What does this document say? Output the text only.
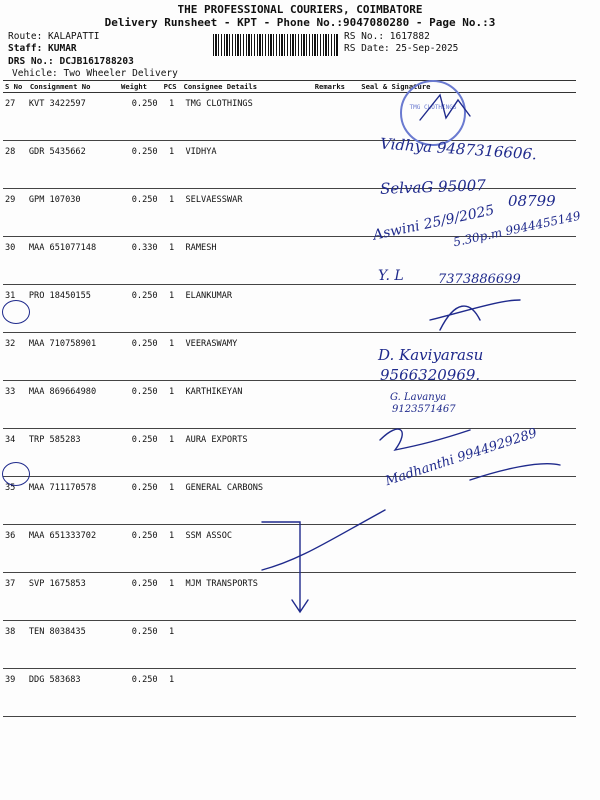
THE PROFESSIONAL COURIERS, COIMBATORE
Delivery Runsheet - KPT - Phone No.:9047080280 - Page No.:3
Route: KALAPATTI
Staff: KUMAR
DRS No.: DCJB161788203
Vehicle: Two Wheeler Delivery
RS No.: 1617882
RS Date: 25-Sep-2025
S No	Consignment No	Weight	PCS	Consignee Details	Remarks	Seal & Signature
27	KVT 3422597	0.250	1	TMG CLOTHINGS		
28	GDR 5435662	0.250	1	VIDHYA		
29	GPM 107030	0.250	1	SELVAESSWAR		
30	MAA 651077148	0.330	1	RAMESH		
31	PRO 18450155	0.250	1	ELANKUMAR		
32	MAA 710758901	0.250	1	VEERASWAMY		
33	MAA 869664980	0.250	1	KARTHIKEYAN		
34	TRP 585283	0.250	1	AURA EXPORTS		
35	MAA 711170578	0.250	1	GENERAL CARBONS		
36	MAA 651333702	0.250	1	SSM ASSOC		
37	SVP 1675853	0.250	1	MJM TRANSPORTS		
38	TEN 8038435	0.250	1			
39	DDG 583683	0.250	1			
TMG CLOTHINGS
Vidhya 9487316606.
SelvaG 95007
08799
Aswini 25/9/2025
5.30p.m 9944455149
Y. L	7373886699
D. Kaviyarasu
9566320969.
G. Lavanya
9123571467
Madhanthi 9944929289
